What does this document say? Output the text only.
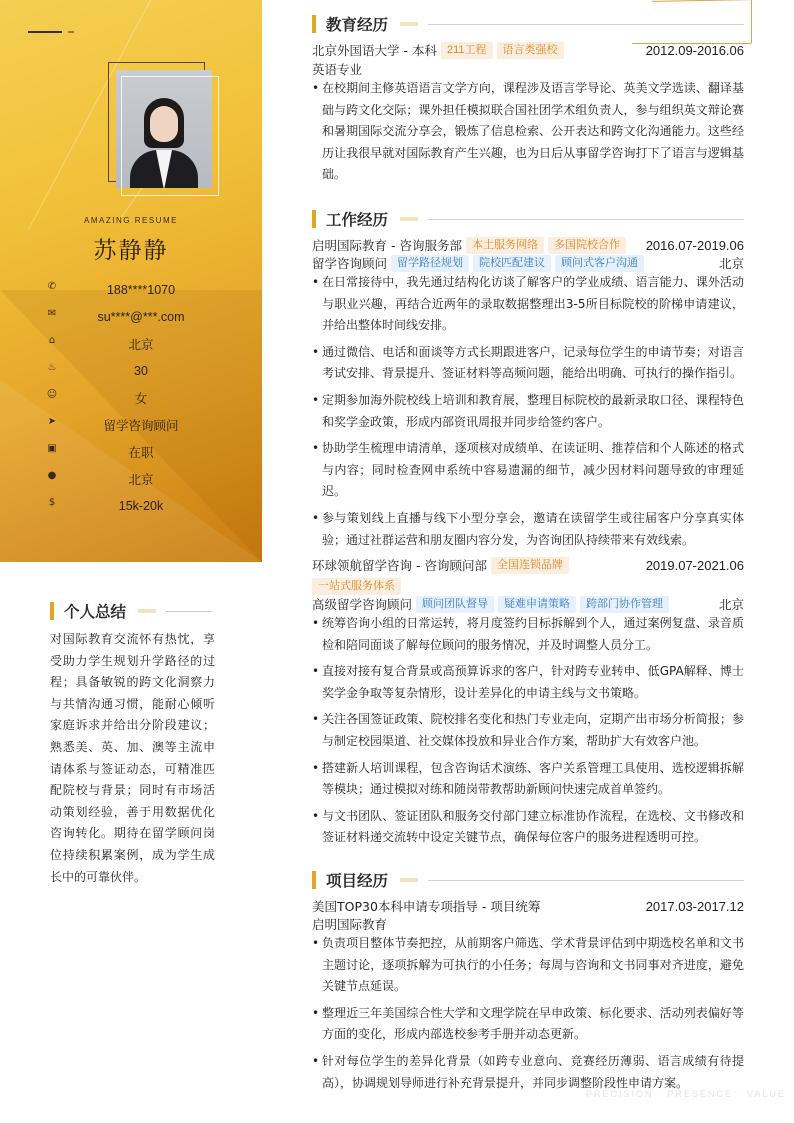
AMAZING RESUME
苏静静
✆	188****1070
✉	su****@***.com
⌂	北京
♨	30
☺	女
➤	留学咨询顾问
▣	在职
●	北京
$	15k-20k
个人总结
对国际教育交流怀有热忱，享受助力学生规划升学路径的过程；具备敏锐的跨文化洞察力与共情沟通习惯，能耐心倾听家庭诉求并给出分阶段建议；熟悉美、英、加、澳等主流申请体系与签证动态，可精准匹配院校与背景；同时有市场活动策划经验，善于用数据优化咨询转化。期待在留学顾问岗位持续积累案例，成为学生成长中的可靠伙伴。
教育经历
北京外国语大学 - 本科 211工程	语言类强校	2012.09-2016.06
英语专业
• 在校期间主修英语语言文学方向，课程涉及语言学导论、英美文学选读、翻译基础与跨文化交际；课外担任模拟联合国社团学术组负责人，参与组织英文辩论赛和暑期国际交流分享会，锻炼了信息检索、公开表达和跨文化沟通能力。这些经历让我很早就对国际教育产生兴趣，也为日后从事留学咨询打下了语言与逻辑基础。
工作经历
启明国际教育 - 咨询服务部 本土服务网络	多国院校合作	2016.07-2019.06
留学咨询顾问 留学路径规划	院校匹配建议	顾问式客户沟通	北京
• 在日常接待中，我先通过结构化访谈了解客户的学业成绩、语言能力、课外活动与职业兴趣，再结合近两年的录取数据整理出3-5所目标院校的阶梯申请建议，并给出整体时间线安排。
• 通过微信、电话和面谈等方式长期跟进客户，记录每位学生的申请节奏；对语言考试安排、背景提升、签证材料等高频问题，能给出明确、可执行的操作指引。
• 定期参加海外院校线上培训和教育展，整理目标院校的最新录取口径、课程特色和奖学金政策，形成内部资讯周报并同步给签约客户。
• 协助学生梳理申请清单，逐项核对成绩单、在读证明、推荐信和个人陈述的格式与内容；同时检查网申系统中容易遗漏的细节，减少因材料问题导致的审理延迟。
• 参与策划线上直播与线下小型分享会，邀请在读留学生或往届客户分享真实体验；通过社群运营和朋友圈内容分发，为咨询团队持续带来有效线索。
环球领航留学咨询 - 咨询顾问部 全国连锁品牌	2019.07-2021.06
一站式服务体系
高级留学咨询顾问 顾问团队督导	疑难申请策略	跨部门协作管理	北京
• 统筹咨询小组的日常运转，将月度签约目标拆解到个人，通过案例复盘、录音质检和陪同面谈了解每位顾问的服务情况，并及时调整人员分工。
• 直接对接有复合背景或高预算诉求的客户，针对跨专业转申、低GPA解释、博士奖学金争取等复杂情形，设计差异化的申请主线与文书策略。
• 关注各国签证政策、院校排名变化和热门专业走向，定期产出市场分析简报；参与制定校园渠道、社交媒体投放和异业合作方案，帮助扩大有效客户池。
• 搭建新人培训课程，包含咨询话术演练、客户关系管理工具使用、选校逻辑拆解等模块；通过模拟对练和随岗带教帮助新顾问快速完成首单签约。
• 与文书团队、签证团队和服务交付部门建立标准协作流程，在选校、文书修改和签证材料递交流转中设定关键节点，确保每位客户的服务进程透明可控。
项目经历
美国TOP30本科申请专项指导 - 项目统筹	2017.03-2017.12
启明国际教育
• 负责项目整体节奏把控，从前期客户筛选、学术背景评估到中期选校名单和文书主题讨论，逐项拆解为可执行的小任务；每周与咨询和文书同事对齐进度，避免关键节点延误。
• 整理近三年美国综合性大学和文理学院在早申政策、标化要求、活动列表偏好等方面的变化，形成内部选校参考手册并动态更新。
• 针对每位学生的差异化背景（如跨专业意向、竞赛经历薄弱、语言成绩有待提高），协调规划导师进行补充背景提升，并同步调整阶段性申请方案。
PRECISION · PRESENCE · VALUE
